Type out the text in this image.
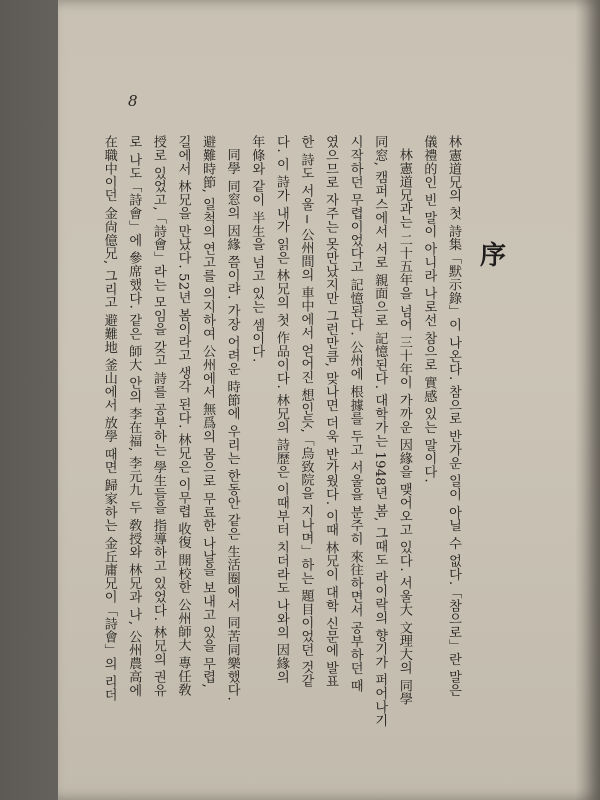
8
序
林憲道兄의 첫 詩集「默示錄」이 나온다. 참으로 반가운 일이 아닐 수 없다.「참으로」란 말은
儀禮的인 빈 말이 아니라 나로선 참으로 實感 있는 말이다.
林憲道兄과는 二十五年을 넘어 三十年이 가까운 因緣을 맺어오고 있다. 서울大 文理大의 同學
同窓, 캠퍼스에서 서로 親面으로 記憶된다. 대학가는 1948년 봄, 그때도 라이락의 향기가 퍼어나기
시작하던 무렵이었다고 記憶된다. 公州에 根據를 두고 서울을 분주히 來往하면서 공부하던 때
였으므로 자주는 못만났지만 그런만큼, 맞나면 더욱 반가웠다. 이때 林兄이 대학 신문에 발표
한 詩도 서울 ─ 公州間의 車中에서 얻어진 想인듯,「烏致院을 지나며」하는 題目이었던 것같
다. 이 詩가 내가 읽은 林兄의 첫 作品이다. 林兄의 詩歷은 이때부터 치더라도 나와의 因緣의
年條와 같이 半生을 넘고 있는 셈이다.
同學 同窓의 因緣 쯤이랴. 가장 어려운 時節에 우리는 한동안 같은 生活圈에서 同苦同樂했다.
避難時節, 일척의 연고를 의지하여 公州에서 無爲의 몸으로 무료한 나날을 보내고 있을 무렵,
길에서 林兄을 만났다. 52년 봄이라고 생각 된다. 林兄은 이무렵 收復 開校한 公州師大 專任敎
授로 있었고,「詩會」라는 모임을 갖고 詩를 공부하는 學生들을 指導하고 있었다. 林兄의 권유
로 나도「詩會」에 參席했다. 같은 師大 안의 李在福, 李元九 두 敎授와 林兄과 나, 公州農高에
在職中이던 金尙億兄, 그리고 避難地 釜山에서 放學 때면 歸家하는 金丘庸兄이「詩會」의 리더
